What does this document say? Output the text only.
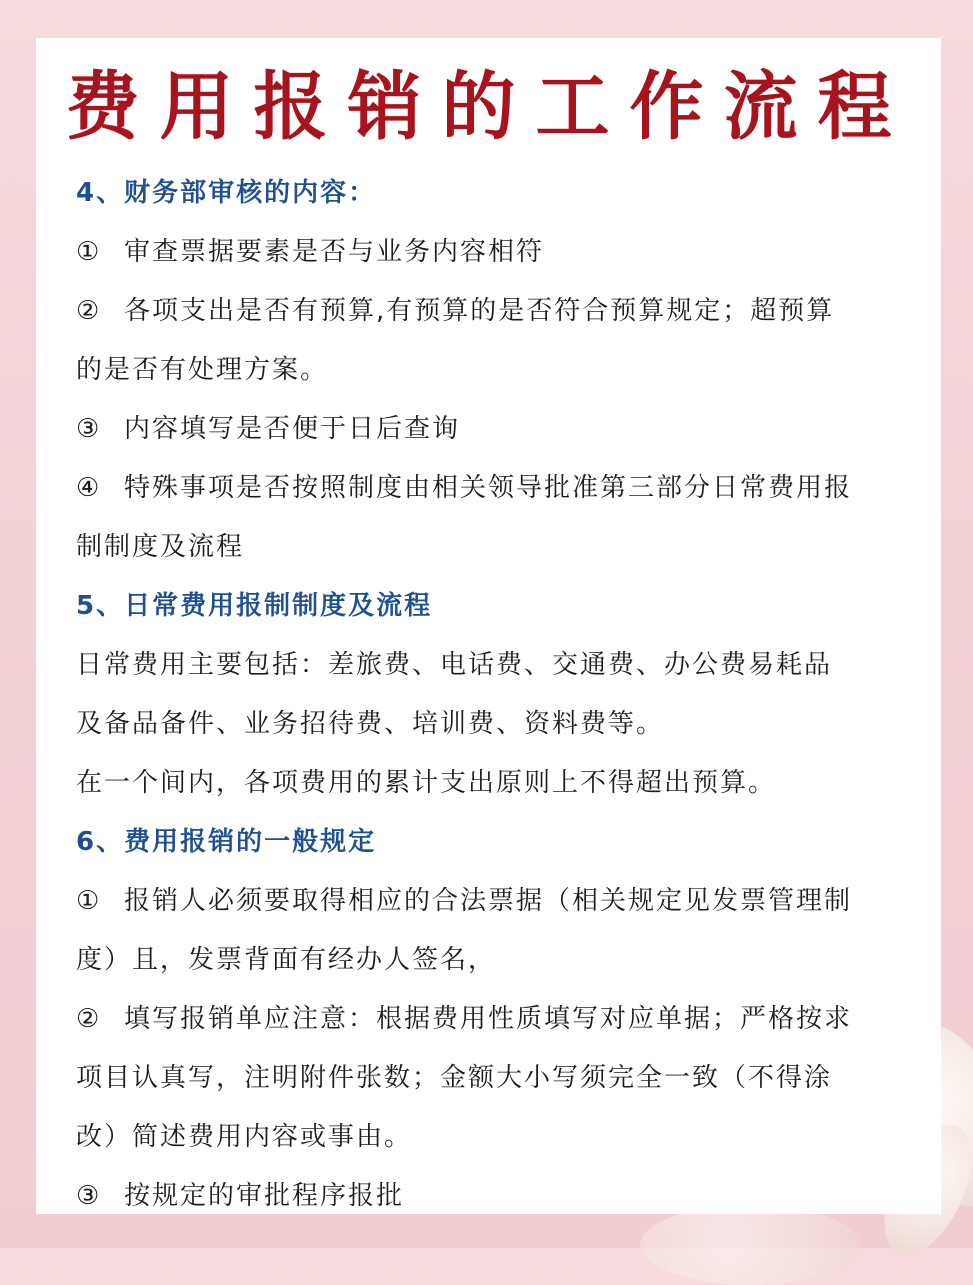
费用报销的工作流程
4、财务部审核的内容：
① 审查票据要素是否与业务内容相符
② 各项支出是否有预算,有预算的是否符合预算规定；超预算
的是否有处理方案。
③ 内容填写是否便于日后查询
④ 特殊事项是否按照制度由相关领导批准第三部分日常费用报
制制度及流程
5、日常费用报制制度及流程
日常费用主要包括：差旅费、电话费、交通费、办公费易耗品
及备品备件、业务招待费、培训费、资料费等。
在一个间内，各项费用的累计支出原则上不得超出预算。
6、费用报销的一般规定
① 报销人必须要取得相应的合法票据（相关规定见发票管理制
度）且，发票背面有经办人签名，
② 填写报销单应注意：根据费用性质填写对应单据；严格按求
项目认真写，注明附件张数；金额大小写须完全一致（不得涂
改）简述费用内容或事由。
③ 按规定的审批程序报批
